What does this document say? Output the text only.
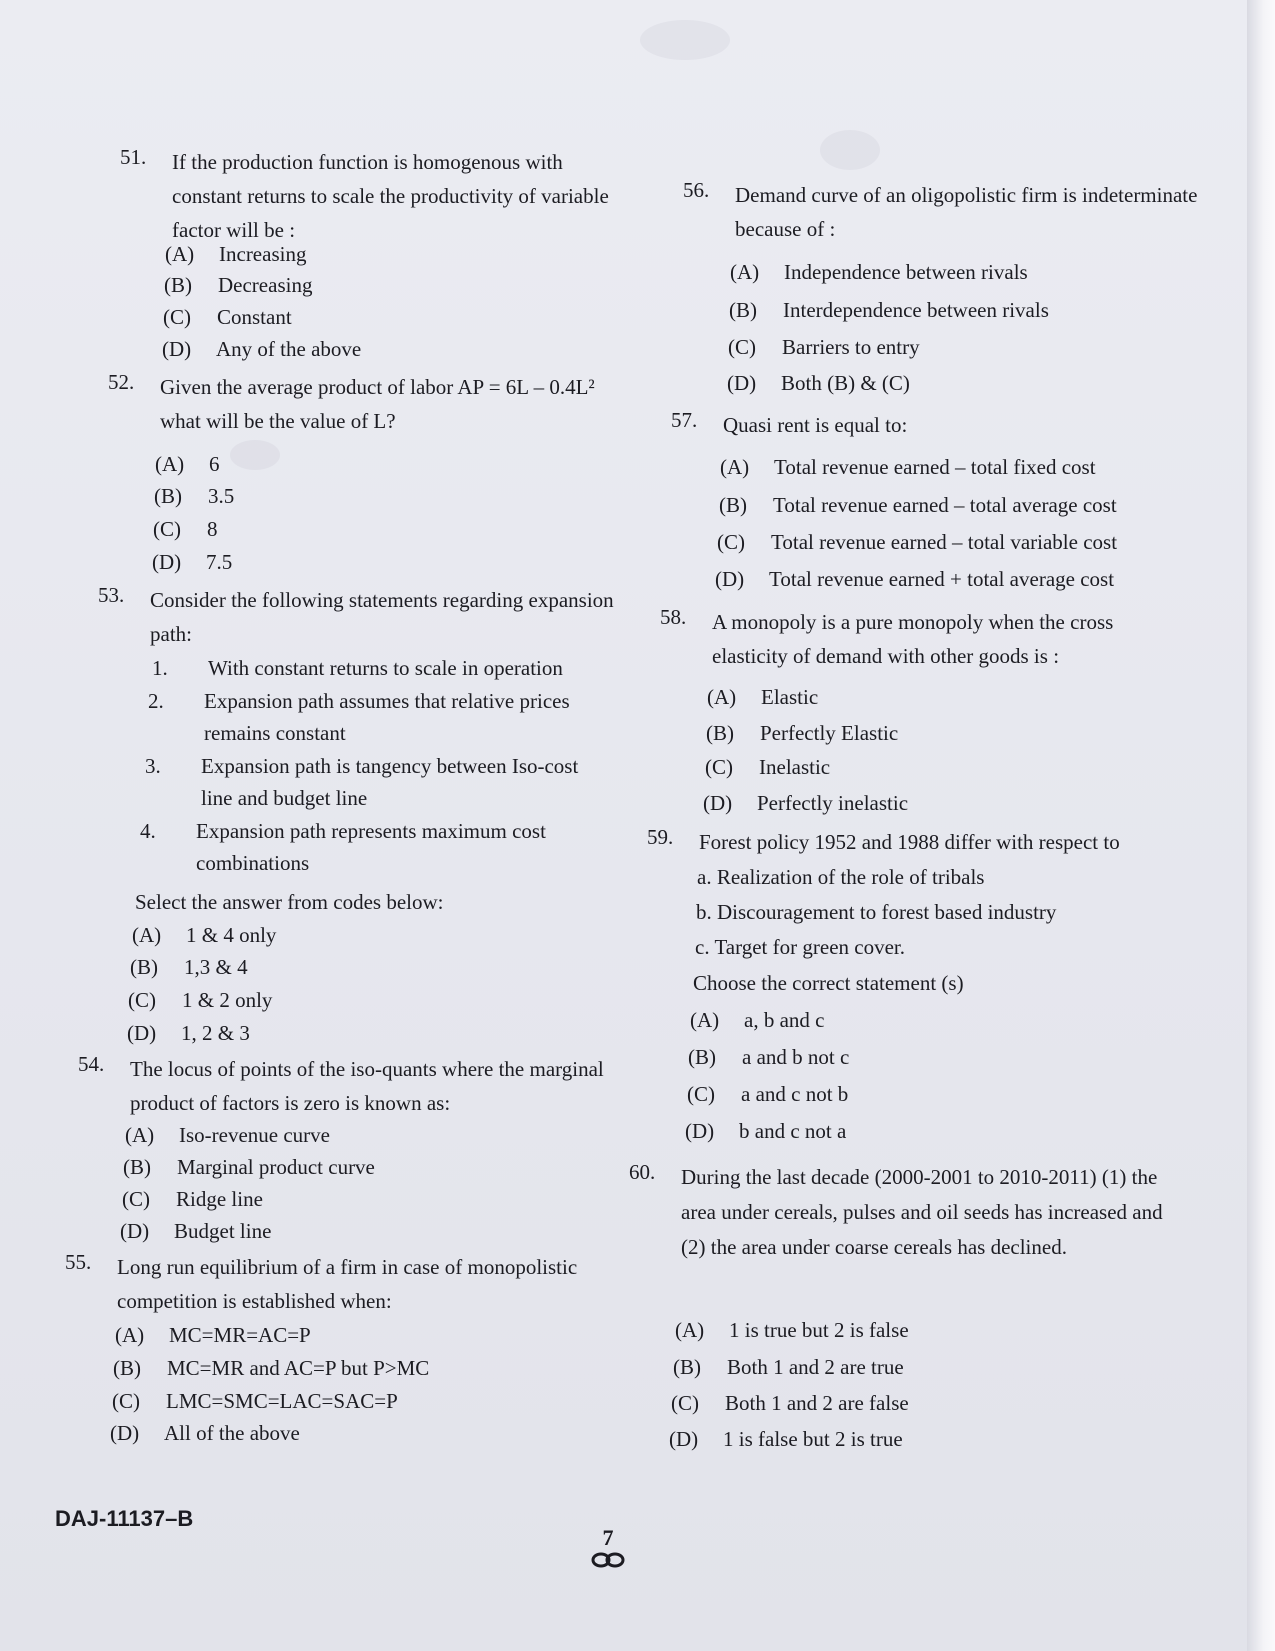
51.	If the production function is homogenous with constant returns to scale the productivity of variable factor will be :
(A) Increasing
(B) Decreasing
(C) Constant
(D) Any of the above
52.	Given the average product of labor AP = 6L – 0.4L² what will be the value of L?
(A) 6
(B) 3.5
(C) 8
(D) 7.5
53.	Consider the following statements regarding expansion path:
1.	With constant returns to scale in operation
2.	Expansion path assumes that relative prices remains constant
3.	Expansion path is tangency between Iso-cost line and budget line
4.	Expansion path represents maximum cost combinations
Select the answer from codes below:
(A) 1 & 4 only
(B) 1,3 & 4
(C) 1 & 2 only
(D) 1, 2 & 3
54.	The locus of points of the iso-quants where the marginal product of factors is zero is known as:
(A) Iso-revenue curve
(B) Marginal product curve
(C) Ridge line
(D) Budget line
55.	Long run equilibrium of a firm in case of monopolistic competition is established when:
(A) MC=MR=AC=P
(B) MC=MR and AC=P but P>MC
(C) LMC=SMC=LAC=SAC=P
(D) All of the above
56.	Demand curve of an oligopolistic firm is indeterminate because of :
(A) Independence between rivals
(B) Interdependence between rivals
(C) Barriers to entry
(D) Both (B) & (C)
57.	Quasi rent is equal to:
(A) Total revenue earned – total fixed cost
(B) Total revenue earned – total average cost
(C) Total revenue earned – total variable cost
(D) Total revenue earned + total average cost
58.	A monopoly is a pure monopoly when the cross elasticity of demand with other goods is :
(A) Elastic
(B) Perfectly Elastic
(C) Inelastic
(D) Perfectly inelastic
59.	Forest policy 1952 and 1988 differ with respect to
a. Realization of the role of tribals
b. Discouragement to forest based industry
c. Target for green cover.
Choose the correct statement (s)
(A) a, b and c
(B) a and b not c
(C) a and c not b
(D) b and c not a
60.	During the last decade (2000-2001 to 2010-2011) (1) the area under cereals, pulses and oil seeds has increased and (2) the area under coarse cereals has declined.
(A) 1 is true but 2 is false
(B) Both 1 and 2 are true
(C) Both 1 and 2 are false
(D) 1 is false but 2 is true
DAJ-11137–B
7
